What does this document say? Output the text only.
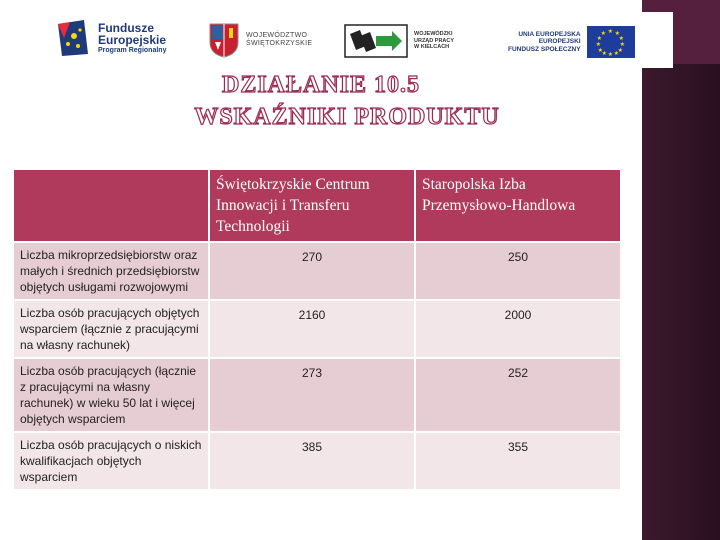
Fundusze
Europejskie
Program Regionalny
WOJEWÓDZTWO
ŚWIĘTOKRZYSKIE
WOJEWÓDZKI
URZĄD PRACY
W KIELCACH
UNIA EUROPEJSKA
EUROPEJSKI
FUNDUSZ SPOŁECZNY
★ ★
★
★
★
★
★
★
★
★
★
★
DZIAŁANIE 10.5
WSKAŹNIKI PRODUKTU
	Świętokrzyskie Centrum Innowacji i Transferu Technologii	Staropolska Izba Przemysłowo-Handlowa
Liczba mikroprzedsiębiorstw oraz małych i średnich przedsiębiorstw objętych usługami rozwojowymi	270	250
Liczba osób pracujących objętych wsparciem (łącznie z pracującymi na własny rachunek)	2160	2000
Liczba osób pracujących (łącznie z pracującymi na własny rachunek) w wieku 50 lat i więcej objętych wsparciem	273	252
Liczba osób pracujących o niskich kwalifikacjach objętych wsparciem	385	355
